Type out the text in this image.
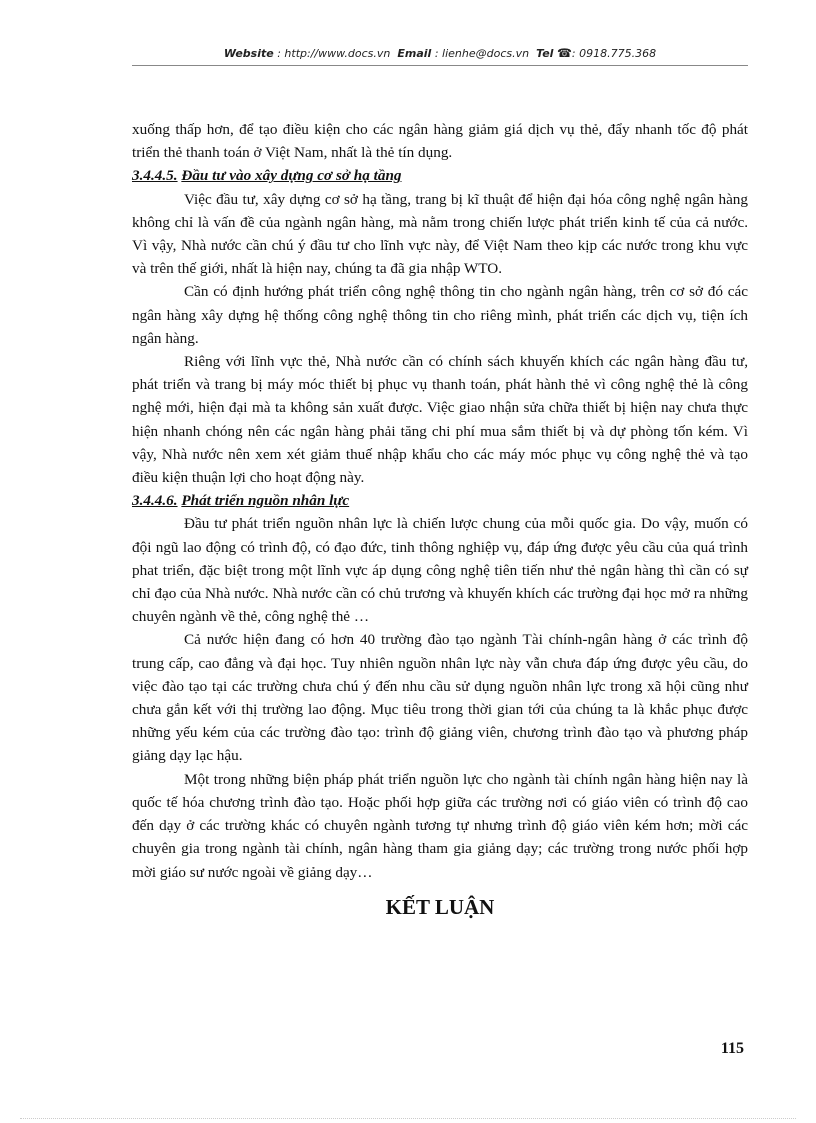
Website : http://www.docs.vn Email : lienhe@docs.vn Tel ☎: 0918.775.368

xuống thấp hơn, để tạo điều kiện cho các ngân hàng giảm giá dịch vụ thẻ, đẩy nhanh tốc độ phát triển thẻ thanh toán ở Việt Nam, nhất là thẻ tín dụng.

3.4.4.5. Đầu tư vào xây dựng cơ sở hạ tầng

Việc đầu tư, xây dựng cơ sở hạ tầng, trang bị kĩ thuật để hiện đại hóa công nghệ ngân hàng không chỉ là vấn đề của ngành ngân hàng, mà nằm trong chiến lược phát triển kinh tế của cả nước. Vì vậy, Nhà nước cần chú ý đầu tư cho lĩnh vực này, để Việt Nam theo kịp các nước trong khu vực và trên thế giới, nhất là hiện nay, chúng ta đã gia nhập WTO.

Cần có định hướng phát triển công nghệ thông tin cho ngành ngân hàng, trên cơ sở đó các ngân hàng xây dựng hệ thống công nghệ thông tin cho riêng mình, phát triển các dịch vụ, tiện ích ngân hàng.

Riêng với lĩnh vực thẻ, Nhà nước cần có chính sách khuyến khích các ngân hàng đầu tư, phát triển và trang bị máy móc thiết bị phục vụ thanh toán, phát hành thẻ vì công nghệ thẻ là công nghệ mới, hiện đại mà ta không sản xuất được. Việc giao nhận sửa chữa thiết bị hiện nay chưa thực hiện nhanh chóng nên các ngân hàng phải tăng chi phí mua sắm thiết bị và dự phòng tốn kém. Vì vậy, Nhà nước nên xem xét giảm thuế nhập khẩu cho các máy móc phục vụ công nghệ thẻ và tạo điều kiện thuận lợi cho hoạt động này.

3.4.4.6. Phát triển nguồn nhân lực

Đầu tư phát triển nguồn nhân lực là chiến lược chung của mỗi quốc gia. Do vậy, muốn có đội ngũ lao động có trình độ, có đạo đức, tinh thông nghiệp vụ, đáp ứng được yêu cầu của quá trình phat triển, đặc biệt trong một lĩnh vực áp dụng công nghệ tiên tiến như thẻ ngân hàng thì cần có sự chỉ đạo của Nhà nước. Nhà nước cần có chủ trương và khuyến khích các trường đại học mở ra những chuyên ngành về thẻ, công nghệ thẻ …

Cả nước hiện đang có hơn 40 trường đào tạo ngành Tài chính-ngân hàng ở các trình độ trung cấp, cao đẳng và đại học. Tuy nhiên nguồn nhân lực này vẫn chưa đáp ứng được yêu cầu, do việc đào tạo tại các trường chưa chú ý đến nhu cầu sử dụng nguồn nhân lực trong xã hội cũng như chưa gắn kết với thị trường lao động. Mục tiêu trong thời gian tới của chúng ta là khắc phục được những yếu kém của các trường đào tạo: trình độ giảng viên, chương trình đào tạo và phương pháp giảng dạy lạc hậu.

Một trong những biện pháp phát triển nguồn lực cho ngành tài chính ngân hàng hiện nay là quốc tế hóa chương trình đào tạo. Hoặc phối hợp giữa các trường nơi có giáo viên có trình độ cao đến dạy ở các trường khác có chuyên ngành tương tự nhưng trình độ giáo viên kém hơn; mời các chuyên gia trong ngành tài chính, ngân hàng tham gia giảng dạy; các trường trong nước phối hợp mời giáo sư nước ngoài về giảng dạy…

KẾT LUẬN
115
